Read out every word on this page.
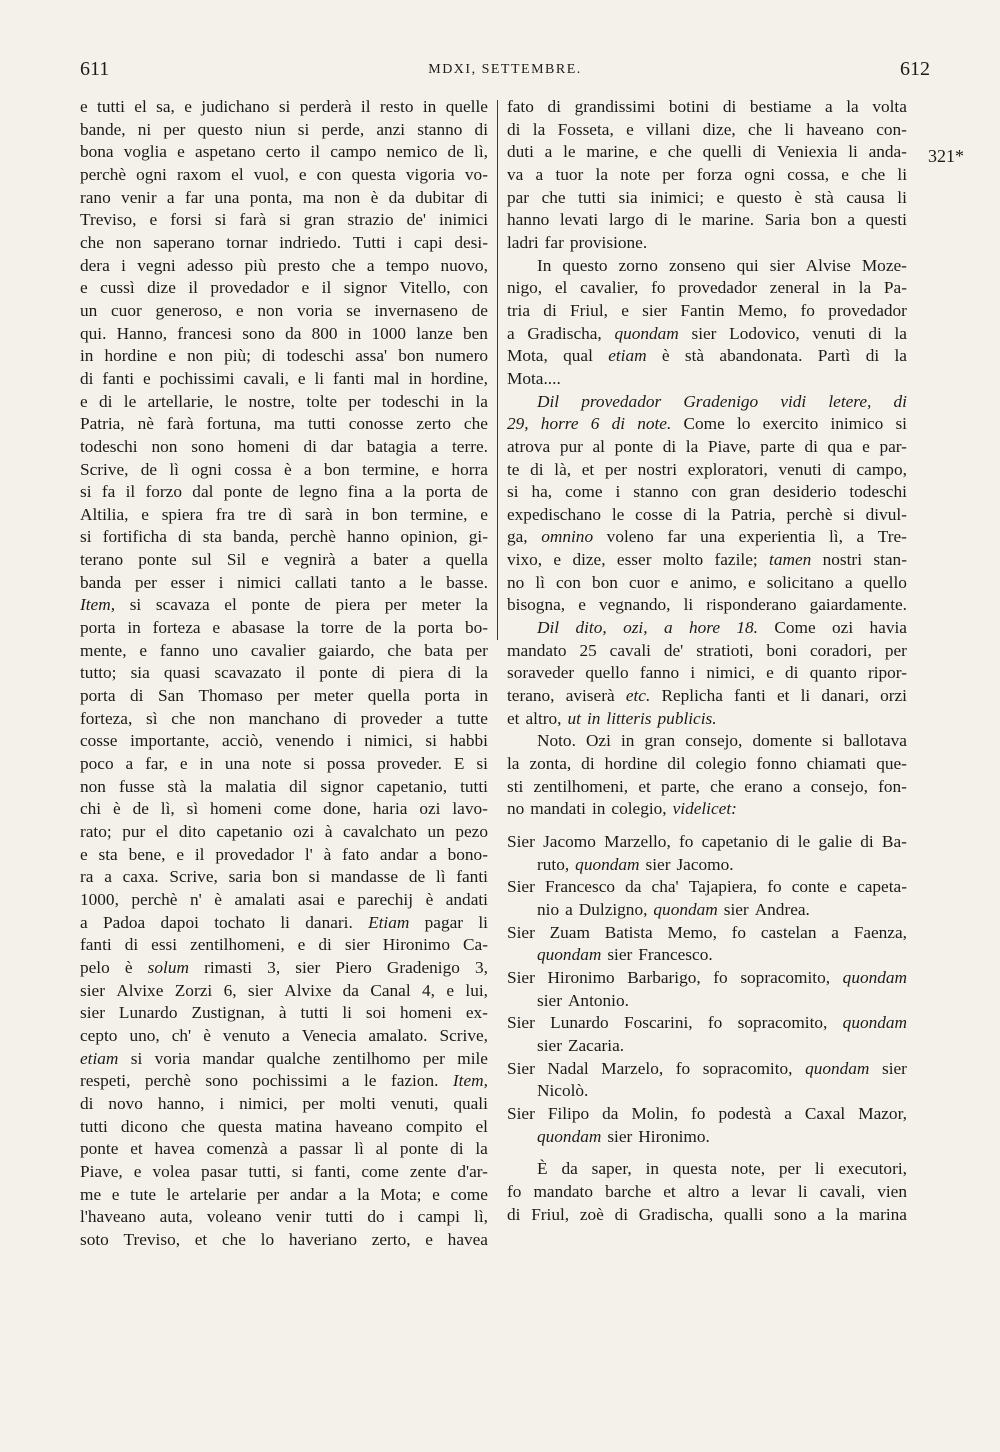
611	MDXI, SETTEMBRE.	612
321*
e tutti el sa, e judichano si perderà il resto in quelle
bande, ni per questo niun si perde, anzi stanno di
bona voglia e aspetano certo il campo nemico de lì,
perchè ogni raxom el vuol, e con questa vigoria vo-
rano venir a far una ponta, ma non è da dubitar di
Treviso, e forsi si farà si gran strazio de' inimici
che non saperano tornar indriedo. Tutti i capi desi-
dera i vegni adesso più presto che a tempo nuovo,
e cussì dize il provedador e il signor Vitello, con
un cuor generoso, e non voria se invernaseno de
qui. Hanno, francesi sono da 800 in 1000 lanze ben
in hordine e non più; di todeschi assa' bon numero
di fanti e pochissimi cavali, e li fanti mal in hordine,
e di le artellarie, le nostre, tolte per todeschi in la
Patria, nè farà fortuna, ma tutti conosse zerto che
todeschi non sono homeni di dar batagia a terre.
Scrive, de lì ogni cossa è a bon termine, e horra
si fa il forzo dal ponte de legno fina a la porta de
Altilia, e spiera fra tre dì sarà in bon termine, e
si fortificha di sta banda, perchè hanno opinion, gi-
terano ponte sul Sil e vegnirà a bater a quella
banda per esser i nimici callati tanto a le basse.
Item, si scavaza el ponte de piera per meter la
porta in forteza e abasase la torre de la porta bo-
mente, e fanno uno cavalier gaiardo, che bata per
tutto; sia quasi scavazato il ponte di piera di la
porta di San Thomaso per meter quella porta in
forteza, sì che non manchano di proveder a tutte
cosse importante, acciò, venendo i nimici, si habbi
poco a far, e in una note si possa proveder. E si
non fusse stà la malatia dil signor capetanio, tutti
chi è de lì, sì homeni come done, haria ozi lavo-
rato; pur el dito capetanio ozi à cavalchato un pezo
e sta bene, e il provedador l' à fato andar a bono-
ra a caxa. Scrive, saria bon si mandasse de lì fanti
1000, perchè n' è amalati asai e parechij è andati
a Padoa dapoi tochato li danari. Etiam pagar li
fanti di essi zentilhomeni, e di sier Hironimo Ca-
pelo è solum rimasti 3, sier Piero Gradenigo 3,
sier Alvixe Zorzi 6, sier Alvixe da Canal 4, e lui,
sier Lunardo Zustignan, à tutti li soi homeni ex-
cepto uno, ch' è venuto a Venecia amalato. Scrive,
etiam si voria mandar qualche zentilhomo per mile
respeti, perchè sono pochissimi a le fazion. Item,
di novo hanno, i nimici, per molti venuti, quali
tutti dicono che questa matina haveano compito el
ponte et havea comenzà a passar lì al ponte di la
Piave, e volea pasar tutti, si fanti, come zente d'ar-
me e tute le artelarie per andar a la Mota; e come
l'haveano auta, voleano venir tutti do i campi lì,
soto Treviso, et che lo haveriano zerto, e havea
fato di grandissimi botini di bestiame a la volta
di la Fosseta, e villani dize, che li haveano con-
duti a le marine, e che quelli di Veniexia li anda-
va a tuor la note per forza ogni cossa, e che li
par che tutti sia inimici; e questo è stà causa li
hanno levati largo di le marine. Saria bon a questi
ladri far provisione.
In questo zorno zonseno qui sier Alvise Moze-
nigo, el cavalier, fo provedador zeneral in la Pa-
tria di Friul, e sier Fantin Memo, fo provedador
a Gradischa, quondam sier Lodovico, venuti di la
Mota, qual etiam è stà abandonata. Partì di la
Mota....
Dil provedador Gradenigo vidi letere, di
29, horre 6 di note. Come lo exercito inimico si
atrova pur al ponte di la Piave, parte di qua e par-
te di là, et per nostri exploratori, venuti di campo,
si ha, come i stanno con gran desiderio todeschi
expedischano le cosse di la Patria, perchè si divul-
ga, omnino voleno far una experientia lì, a Tre-
vixo, e dize, esser molto fazile; tamen nostri stan-
no lì con bon cuor e animo, e solicitano a quello
bisogna, e vegnando, li risponderano gaiardamente.
Dil dito, ozi, a hore 18. Come ozi havia
mandato 25 cavali de' stratioti, boni coradori, per
soraveder quello fanno i nimici, e di quanto ripor-
terano, aviserà etc. Replicha fanti et li danari, orzi
et altro, ut in litteris publicis.
Noto. Ozi in gran consejo, domente si ballotava
la zonta, di hordine dil colegio fonno chiamati que-
sti zentilhomeni, et parte, che erano a consejo, fon-
no mandati in colegio, videlicet:
Sier Jacomo Marzello, fo capetanio di le galie di Ba-
ruto, quondam sier Jacomo.
Sier Francesco da cha' Tajapiera, fo conte e capeta-
nio a Dulzigno, quondam sier Andrea.
Sier Zuam Batista Memo, fo castelan a Faenza,
quondam sier Francesco.
Sier Hironimo Barbarigo, fo sopracomito, quondam
sier Antonio.
Sier Lunardo Foscarini, fo sopracomito, quondam
sier Zacaria.
Sier Nadal Marzelo, fo sopracomito, quondam sier
Nicolò.
Sier Filipo da Molin, fo podestà a Caxal Mazor,
quondam sier Hironimo.
È da saper, in questa note, per li executori,
fo mandato barche et altro a levar li cavali, vien
di Friul, zoè di Gradischa, qualli sono a la marina
